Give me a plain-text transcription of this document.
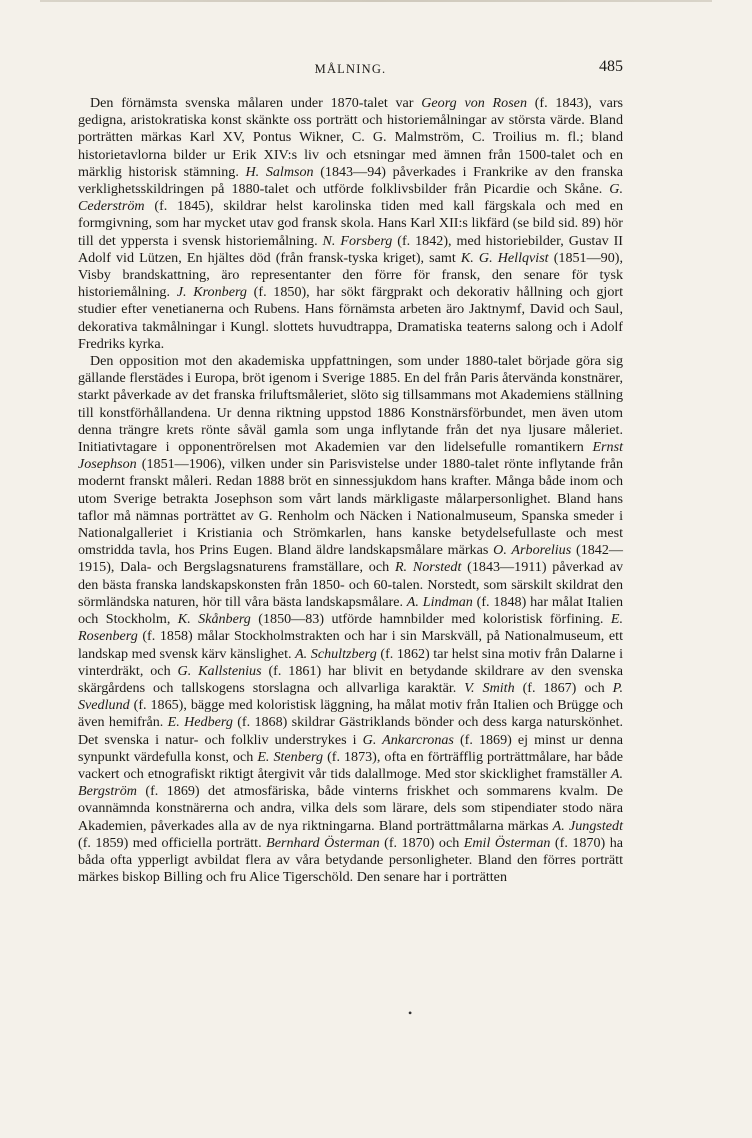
MÅLNING.	485

Den förnämsta svenska målaren under 1870-talet var Georg von Rosen (f. 1843), vars gedigna, aristokratiska konst skänkte oss porträtt och historiemålningar av största värde. Bland porträtten märkas Karl XV, Pontus Wikner, C. G. Malmström, C. Troilius m. fl.; bland historietavlorna bilder ur Erik XIV:s liv och etsningar med ämnen från 1500-talet och en märklig historisk stämning. H. Salmson (1843—94) påverkades i Frankrike av den franska verklighetsskildringen på 1880-talet och utförde folklivsbilder från Picardie och Skåne. G. Cederström (f. 1845), skildrar helst karolinska tiden med kall färgskala och med en formgivning, som har mycket utav god fransk skola. Hans Karl XII:s likfärd (se bild sid. 89) hör till det yppersta i svensk historiemålning. N. Forsberg (f. 1842), med historiebilder, Gustav II Adolf vid Lützen, En hjältes död (från fransk-tyska kriget), samt K. G. Hellqvist (1851—90), Visby brandskattning, äro representanter den förre för fransk, den senare för tysk historiemålning. J. Kronberg (f. 1850), har sökt färgprakt och dekorativ hållning och gjort studier efter venetianerna och Rubens. Hans förnämsta arbeten äro Jaktnymf, David och Saul, dekorativa takmålningar i Kungl. slottets huvudtrappa, Dramatiska teaterns salong och i Adolf Fredriks kyrka.

Den opposition mot den akademiska uppfattningen, som under 1880-talet började göra sig gällande flerstädes i Europa, bröt igenom i Sverige 1885. En del från Paris återvända konstnärer, starkt påverkade av det franska friluftsmåleriet, slöto sig tillsammans mot Akademiens ställning till konstförhållandena. Ur denna riktning uppstod 1886 Konstnärsförbundet, men även utom denna trängre krets rönte såväl gamla som unga inflytande från det nya ljusare måleriet. Initiativtagare i opponentrörelsen mot Akademien var den lidelsefulle romantikern Ernst Josephson (1851—1906), vilken under sin Parisvistelse under 1880-talet rönte inflytande från modernt franskt måleri. Redan 1888 bröt en sinnessjukdom hans krafter. Många både inom och utom Sverige betrakta Josephson som vårt lands märkligaste målarpersonlighet. Bland hans taflor må nämnas porträttet av G. Renholm och Näcken i Nationalmuseum, Spanska smeder i Nationalgalleriet i Kristiania och Strömkarlen, hans kanske betydelsefullaste och mest omstridda tavla, hos Prins Eugen. Bland äldre landskapsmålare märkas O. Arborelius (1842—1915), Dala- och Bergslagsnaturens framställare, och R. Norstedt (1843—1911) påverkad av den bästa franska landskapskonsten från 1850- och 60-talen. Norstedt, som särskilt skildrat den sörmländska naturen, hör till våra bästa landskapsmålare. A. Lindman (f. 1848) har målat Italien och Stockholm, K. Skånberg (1850—83) utförde hamnbilder med koloristisk förfining. E. Rosenberg (f. 1858) målar Stockholmstrakten och har i sin Marskväll, på Nationalmuseum, ett landskap med svensk kärv känslighet. A. Schultzberg (f. 1862) tar helst sina motiv från Dalarne i vinterdräkt, och G. Kallstenius (f. 1861) har blivit en betydande skildrare av den svenska skärgårdens och tallskogens storslagna och allvarliga karaktär. V. Smith (f. 1867) och P. Svedlund (f. 1865), bägge med koloristisk läggning, ha målat motiv från Italien och Brügge och även hemifrån. E. Hedberg (f. 1868) skildrar Gästriklands bönder och dess karga naturskönhet. Det svenska i natur- och folkliv understrykes i G. Ankarcronas (f. 1869) ej minst ur denna synpunkt värdefulla konst, och E. Stenberg (f. 1873), ofta en förträfflig porträttmålare, har både vackert och etnografiskt riktigt återgivit vår tids dalallmoge. Med stor skicklighet framställer A. Bergström (f. 1869) det atmosfäriska, både vinterns friskhet och sommarens kvalm. De ovannämnda konstnärerna och andra, vilka dels som lärare, dels som stipendiater stodo nära Akademien, påverkades alla av de nya riktningarna. Bland porträttmålarna märkas A. Jungstedt (f. 1859) med officiella porträtt. Bernhard Österman (f. 1870) och Emil Österman (f. 1870) ha båda ofta ypperligt avbildat flera av våra betydande personligheter. Bland den förres porträtt märkes biskop Billing och fru Alice Tigerschöld. Den senare har i porträtten

•
